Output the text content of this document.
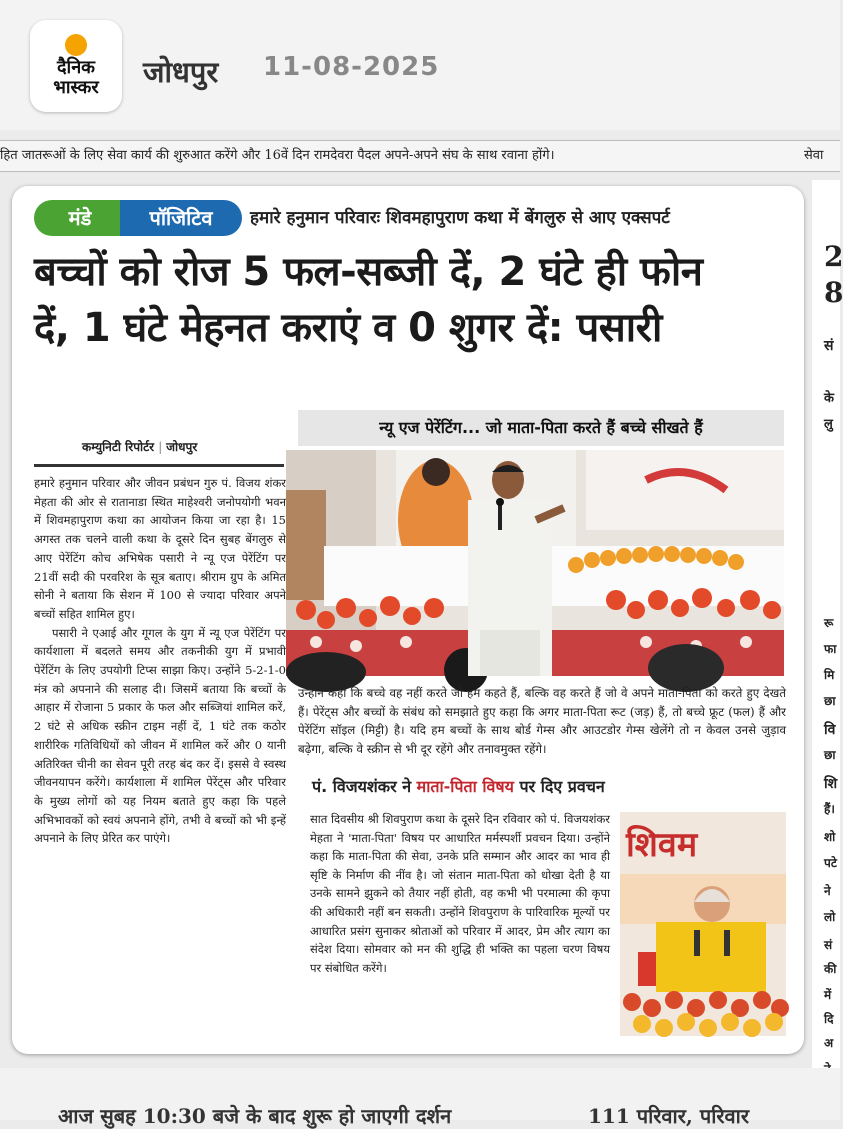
दैनिक
भास्कर जोधपुर 11-08-2025
हित जातरूओं के लिए सेवा कार्य की शुरुआत करेंगे और 16वें दिन रामदेवरा पैदल अपने-अपने संघ के साथ रवाना होंगे।	सेवा
2
8
सं
के
लु
रू
फा
मि
छा
वि
छा
शि
हैं।
शो
पटे
ने
लो
सं
की
में
दि
अ
मंडे	पॉजिटिव	हमारे हनुमान परिवारः शिवमहापुराण कथा में बेंगलुरु से आए एक्सपर्ट
बच्चों को रोज 5 फल-सब्जी दें, 2 घंटे ही फोन
दें, 1 घंटे मेहनत कराएं व 0 शुगर दें: पसारी
कम्युनिटी रिपोर्टर | जोधपुर

हमारे हनुमान परिवार और जीवन प्रबंधन गुरु पं. विजय शंकर मेहता की ओर से रातानाडा स्थित माहेश्वरी जनोपयोगी भवन में शिवमहापुराण कथा का आयोजन किया जा रहा है। 15 अगस्त तक चलने वाली कथा के दूसरे दिन सुबह बेंगलुरु से आए पेरेंटिंग कोच अभिषेक पसारी ने न्यू एज पेरेंटिंग पर 21वीं सदी की परवरिश के सूत्र बताए। श्रीराम ग्रुप के अमित सोनी ने बताया कि सेशन में 100 से ज्यादा परिवार अपने बच्चों सहित शामिल हुए।

पसारी ने एआई और गूगल के युग में न्यू एज पेरेंटिंग पर कार्यशाला में बदलते समय और तकनीकी युग में प्रभावी पेरेंटिंग के लिए उपयोगी टिप्स साझा किए। उन्होंने 5-2-1-0 मंत्र को अपनाने की सलाह दी। जिसमें बताया कि बच्चों के आहार में रोजाना 5 प्रकार के फल और सब्जियां शामिल करें, 2 घंटे से अधिक स्क्रीन टाइम नहीं दें, 1 घंटे तक कठोर शारीरिक गतिविधियों को जीवन में शामिल करें और 0 यानी अतिरिक्त चीनी का सेवन पूरी तरह बंद कर दें। इससे वे स्वस्थ जीवनयापन करेंगे। कार्यशाला में शामिल पेरेंट्स और परिवार के मुख्य लोगों को यह नियम बताते हुए कहा कि पहले अभिभावकों को स्वयं अपनाने होंगे, तभी वे बच्चों को भी इन्हें अपनाने के लिए प्रेरित कर पाएंगे।

न्यू एज पेरेंटिंग... जो माता-पिता करते हैं बच्चे सीखते हैं
उन्होंने कहा कि बच्चे वह नहीं करते जो हम कहते हैं, बल्कि वह करते हैं जो वे अपने माता-पिता को करते हुए देखते हैं। पेरेंट्स और बच्चों के संबंध को समझाते हुए कहा कि अगर माता-पिता रूट (जड़) हैं, तो बच्चे फ्रूट (फल) हैं और पेरेंटिंग सॉइल (मिट्टी) है। यदि हम बच्चों के साथ बोर्ड गेम्स और आउटडोर गेम्स खेलेंगे तो न केवल उनसे जुड़ाव बढ़ेगा, बल्कि वे स्क्रीन से भी दूर रहेंगे और तनावमुक्त रहेंगे।
पं. विजयशंकर ने माता-पिता विषय पर दिए प्रवचन
सात दिवसीय श्री शिवपुराण कथा के दूसरे दिन रविवार को पं. विजयशंकर मेहता ने 'माता-पिता' विषय पर आधारित मर्मस्पर्शी प्रवचन दिया। उन्होंने कहा कि माता-पिता की सेवा, उनके प्रति सम्मान और आदर का भाव ही सृष्टि के निर्माण की नींव है। जो संतान माता-पिता को धोखा देती है या उनके सामने झुकने को तैयार नहीं होती, वह कभी भी परमात्मा की कृपा की अधिकारी नहीं बन सकती। उन्होंने शिवपुराण के पारिवारिक मूल्यों पर आधारित प्रसंग सुनाकर श्रोताओं को परिवार में आदर, प्रेम और त्याग का संदेश दिया। सोमवार को मन की शुद्धि ही भक्ति का पहला चरण विषय पर संबोधित करेंगे।
शिवम
आज सुबह 10:30 बजे के बाद शुरू हो जाएगी दर्शन	111 परिवार, परिवार
